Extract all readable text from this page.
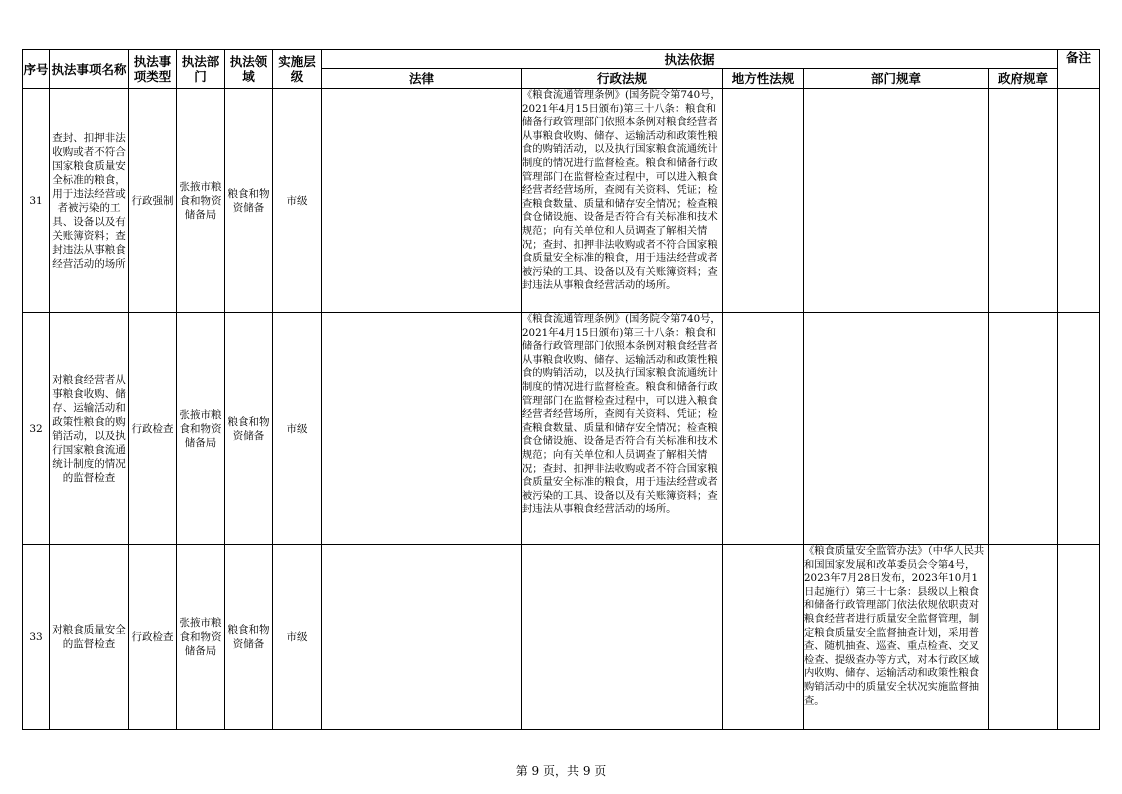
序号	执法事项名称	执法事项类型	执法部门	执法领域	实施层级	执法依据					备注
						法律	行政法规	地方性法规	部门规章	政府规章	
31	查封、扣押非法收购或者不符合国家粮食质量安全标准的粮食，用于违法经营或者被污染的工具、设备以及有关账簿资料；查封违法从事粮食经营活动的场所	行政强制	张掖市粮食和物资储备局	粮食和物资储备	市级		《粮食流通管理条例》(国务院令第740号，2021年4月15日颁布)第三十八条：粮食和储备行政管理部门依照本条例对粮食经营者从事粮食收购、储存、运输活动和政策性粮食的购销活动，以及执行国家粮食流通统计制度的情况进行监督检查。粮食和储备行政管理部门在监督检查过程中，可以进入粮食经营者经营场所，查阅有关资料、凭证；检查粮食数量、质量和储存安全情况；检查粮食仓储设施、设备是否符合有关标准和技术规范；向有关单位和人员调查了解相关情况；查封、扣押非法收购或者不符合国家粮食质量安全标准的粮食，用于违法经营或者被污染的工具、设备以及有关账簿资料；查封违法从事粮食经营活动的场所。				
32	对粮食经营者从事粮食收购、储存、运输活动和政策性粮食的购销活动，以及执行国家粮食流通统计制度的情况的监督检查	行政检查	张掖市粮食和物资储备局	粮食和物资储备	市级		《粮食流通管理条例》(国务院令第740号，2021年4月15日颁布)第三十八条：粮食和储备行政管理部门依照本条例对粮食经营者从事粮食收购、储存、运输活动和政策性粮食的购销活动，以及执行国家粮食流通统计制度的情况进行监督检查。粮食和储备行政管理部门在监督检查过程中，可以进入粮食经营者经营场所，查阅有关资料、凭证；检查粮食数量、质量和储存安全情况；检查粮食仓储设施、设备是否符合有关标准和技术规范；向有关单位和人员调查了解相关情况；查封、扣押非法收购或者不符合国家粮食质量安全标准的粮食，用于违法经营或者被污染的工具、设备以及有关账簿资料；查封违法从事粮食经营活动的场所。				
33	对粮食质量安全的监督检查	行政检查	张掖市粮食和物资储备局	粮食和物资储备	市级				《粮食质量安全监管办法》（中华人民共和国国家发展和改革委员会令第4号，2023年7月28日发布，2023年10月1日起施行）第三十七条：县级以上粮食和储备行政管理部门依法依规依职责对粮食经营者进行质量安全监督管理，制定粮食质量安全监督抽查计划，采用普查、随机抽查、巡查、重点检查、交叉检查、提级查办等方式，对本行政区域内收购、储存、运输活动和政策性粮食购销活动中的质量安全状况实施监督抽查。		
第 9 页，共 9 页
